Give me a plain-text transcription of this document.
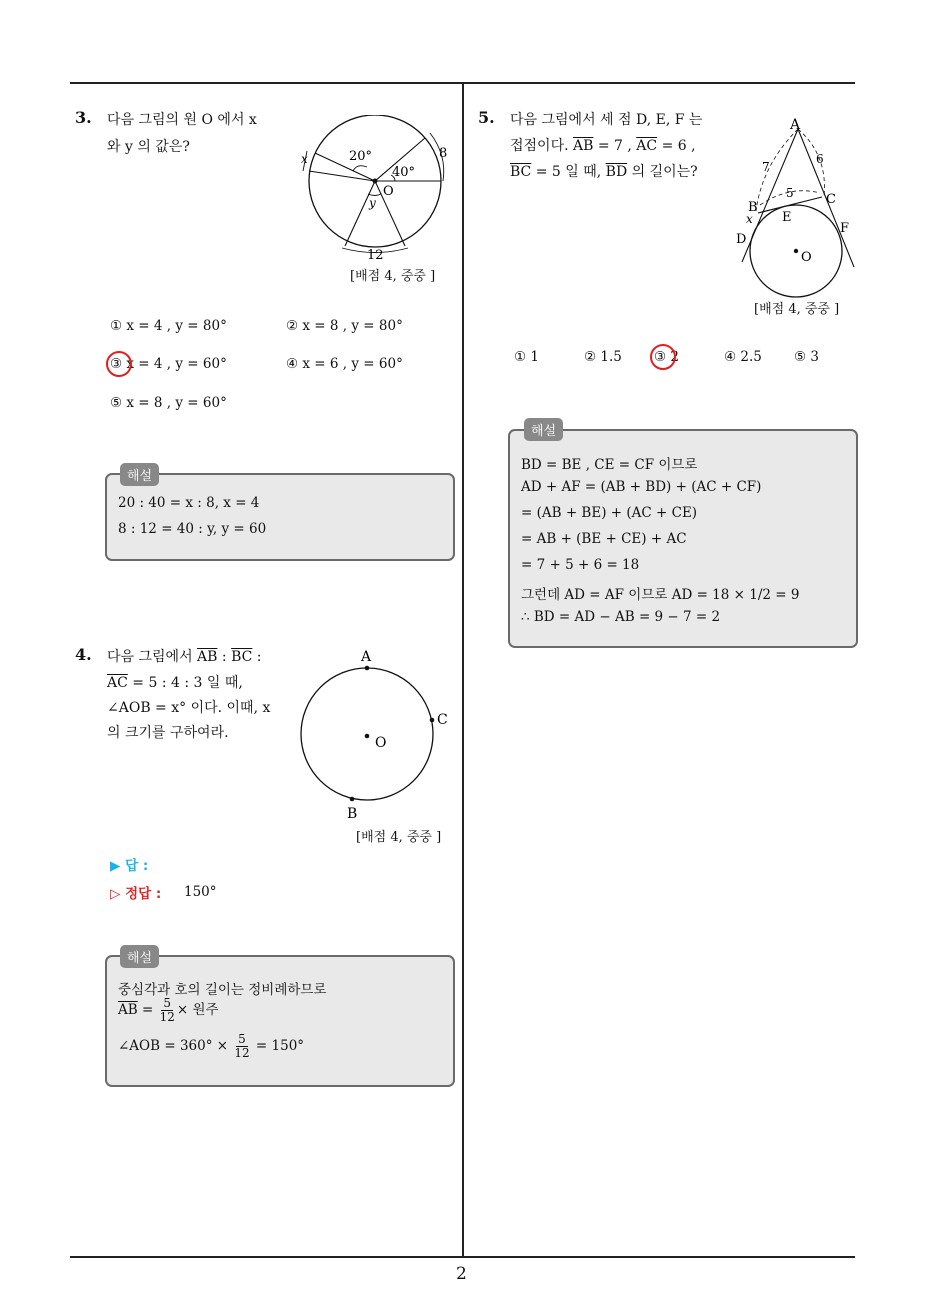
2
3. 다음 그림의 원 O 에서 x
와 y 의 값은?
20°
40°
x
y
O
8
12
[배점 4, 중중 ]
① x = 4 , y = 80°	② x = 8 , y = 80°
③ x = 4 , y = 60°	④ x = 6 , y = 60°
⑤ x = 8 , y = 60°
해설
20 : 40 = x : 8, x = 4
8 : 12 = 40 : y, y = 60
4. 다음 그림에서 $\overline{AB}$ : $\overline{BC}$ :
$\overline{AC} = 5$ : 4 : 3 일 때,
∠AOB = x° 이다. 이때, x
의 크기를 구하여라.
A
C
B
O
[배점 4, 중중 ]
▶ 답 :
▷ 정답 : 150°
해설
중심각과 호의 길이는 정비례하므로
$\overline{AB} = \frac{5}{12}$ × 원주
∠AOB = $360^\circ \times \frac{5}{12} = 150^\circ$
5. 다음 그림에서 세 점 D, E, F 는
접점이다. $\overline{AB} = 7$ , $\overline{AC} = 6$ ,
$\overline{BC} = 5$ 일 때, $\overline{BD}$ 의 길이는?
A
B
C
D
E
F
O
x
7
6
5
[배점 4, 중중 ]
① 1	② 1.5 ③ 2	④ 2.5 ⑤ 3
해설
BD = BE , CE = CF 이므로
AD + AF = (AB + BD) + (AC + CF)
= (AB + BE) + (AC + CE)
= AB + (BE + CE) + AC
= 7 + 5 + 6 = 18
그런데 AD = AF 이므로 AD = 18 × 1/2 = 9
∴ BD = AD − AB = 9 − 7 = 2
